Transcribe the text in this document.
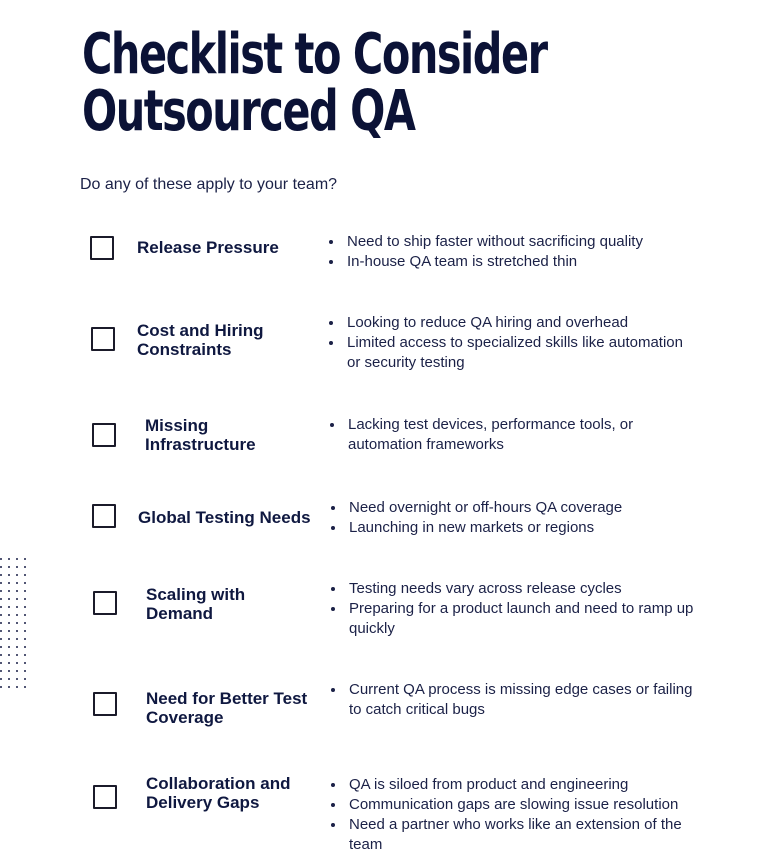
Checklist to Consider
Outsourced QA

Do any of these apply to your team?

Release Pressure	Need to ship faster without sacrificing quality
In-house QA team is stretched thin
Cost and Hiring
Constraints
Looking to reduce QA hiring and overhead
Limited access to specialized skills like automation or security testing
Missing
Infrastructure
Lacking test devices, performance tools, or automation frameworks
Global Testing Needs
Need overnight or off-hours QA coverage
Launching in new markets or regions
Scaling with
Demand
Testing needs vary across release cycles
Preparing for a product launch and need to ramp up quickly
Need for Better Test
Coverage
Current QA process is missing edge cases or failing to catch critical bugs
Collaboration and
Delivery Gaps
QA is siloed from product and engineering
Communication gaps are slowing issue resolution
Need a partner who works like an extension of the team
